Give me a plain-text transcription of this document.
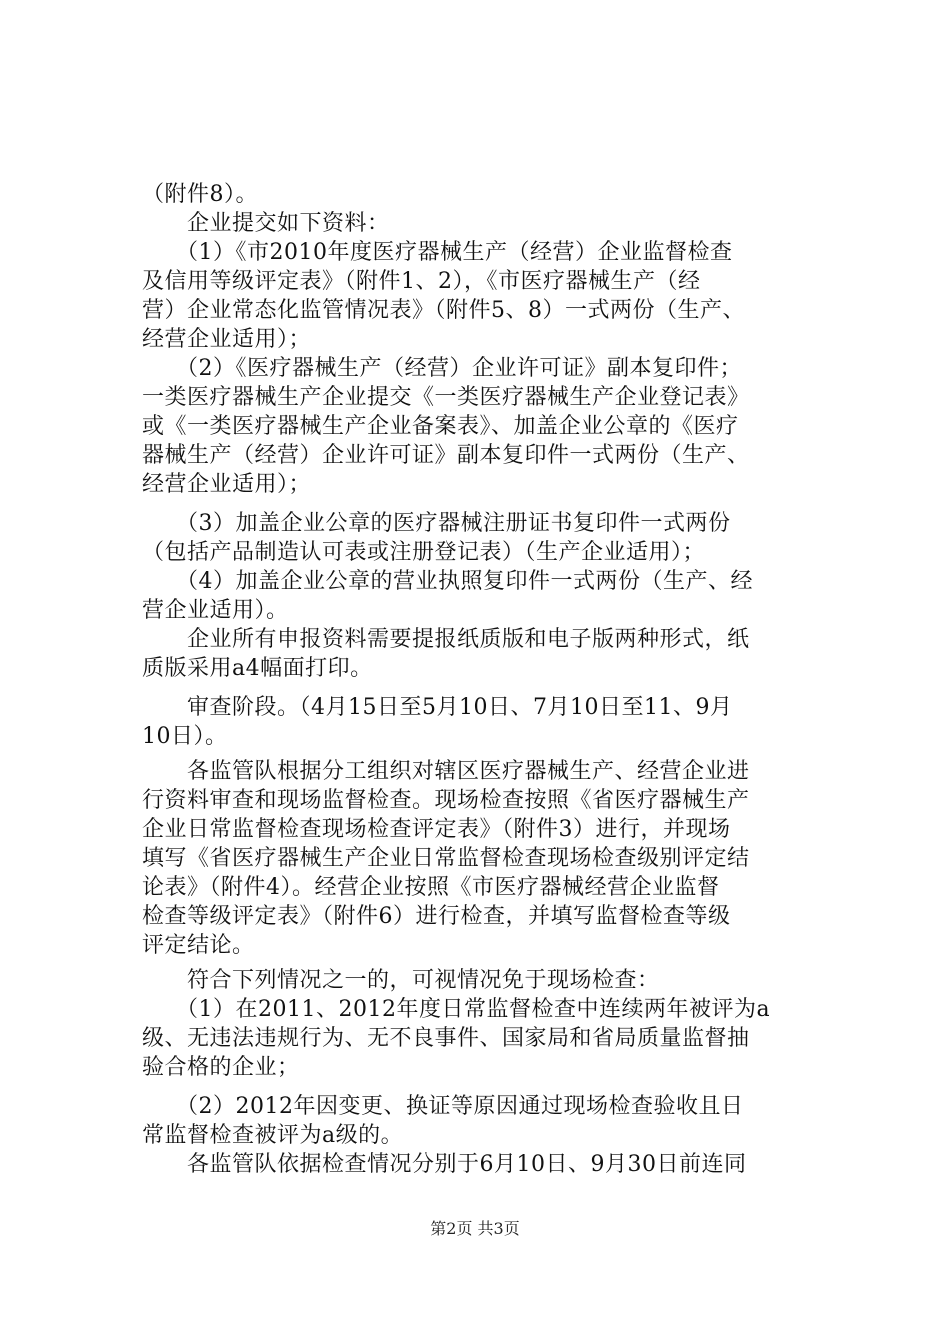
（附件8）。
　　企业提交如下资料：
　　（1）《市2010年度医疗器械生产（经营）企业监督检查
及信用等级评定表》（附件1、2），《市医疗器械生产（经
营）企业常态化监管情况表》（附件5、8）一式两份（生产、
经营企业适用）；
　　（2）《医疗器械生产（经营）企业许可证》副本复印件；
一类医疗器械生产企业提交《一类医疗器械生产企业登记表》
或《一类医疗器械生产企业备案表》、加盖企业公章的《医疗
器械生产（经营）企业许可证》副本复印件一式两份（生产、
经营企业适用）；
　　（3）加盖企业公章的医疗器械注册证书复印件一式两份
（包括产品制造认可表或注册登记表）（生产企业适用）；
　　（4）加盖企业公章的营业执照复印件一式两份（生产、经
营企业适用）。
　　企业所有申报资料需要提报纸质版和电子版两种形式，纸
质版采用a4幅面打印。
　　审查阶段。（4月15日至5月10日、7月10日至11、9月
10日）。
　　各监管队根据分工组织对辖区医疗器械生产、经营企业进
行资料审查和现场监督检查。现场检查按照《省医疗器械生产
企业日常监督检查现场检查评定表》（附件3）进行，并现场
填写《省医疗器械生产企业日常监督检查现场检查级别评定结
论表》（附件4）。经营企业按照《市医疗器械经营企业监督
检查等级评定表》（附件6）进行检查，并填写监督检查等级
评定结论。
　　符合下列情况之一的，可视情况免于现场检查：
　　（1）在2011、2012年度日常监督检查中连续两年被评为a
级、无违法违规行为、无不良事件、国家局和省局质量监督抽
验合格的企业；
　　（2）2012年因变更、换证等原因通过现场检查验收且日
常监督检查被评为a级的。
　　各监管队依据检查情况分别于6月10日、9月30日前连同
第2页 共3页
